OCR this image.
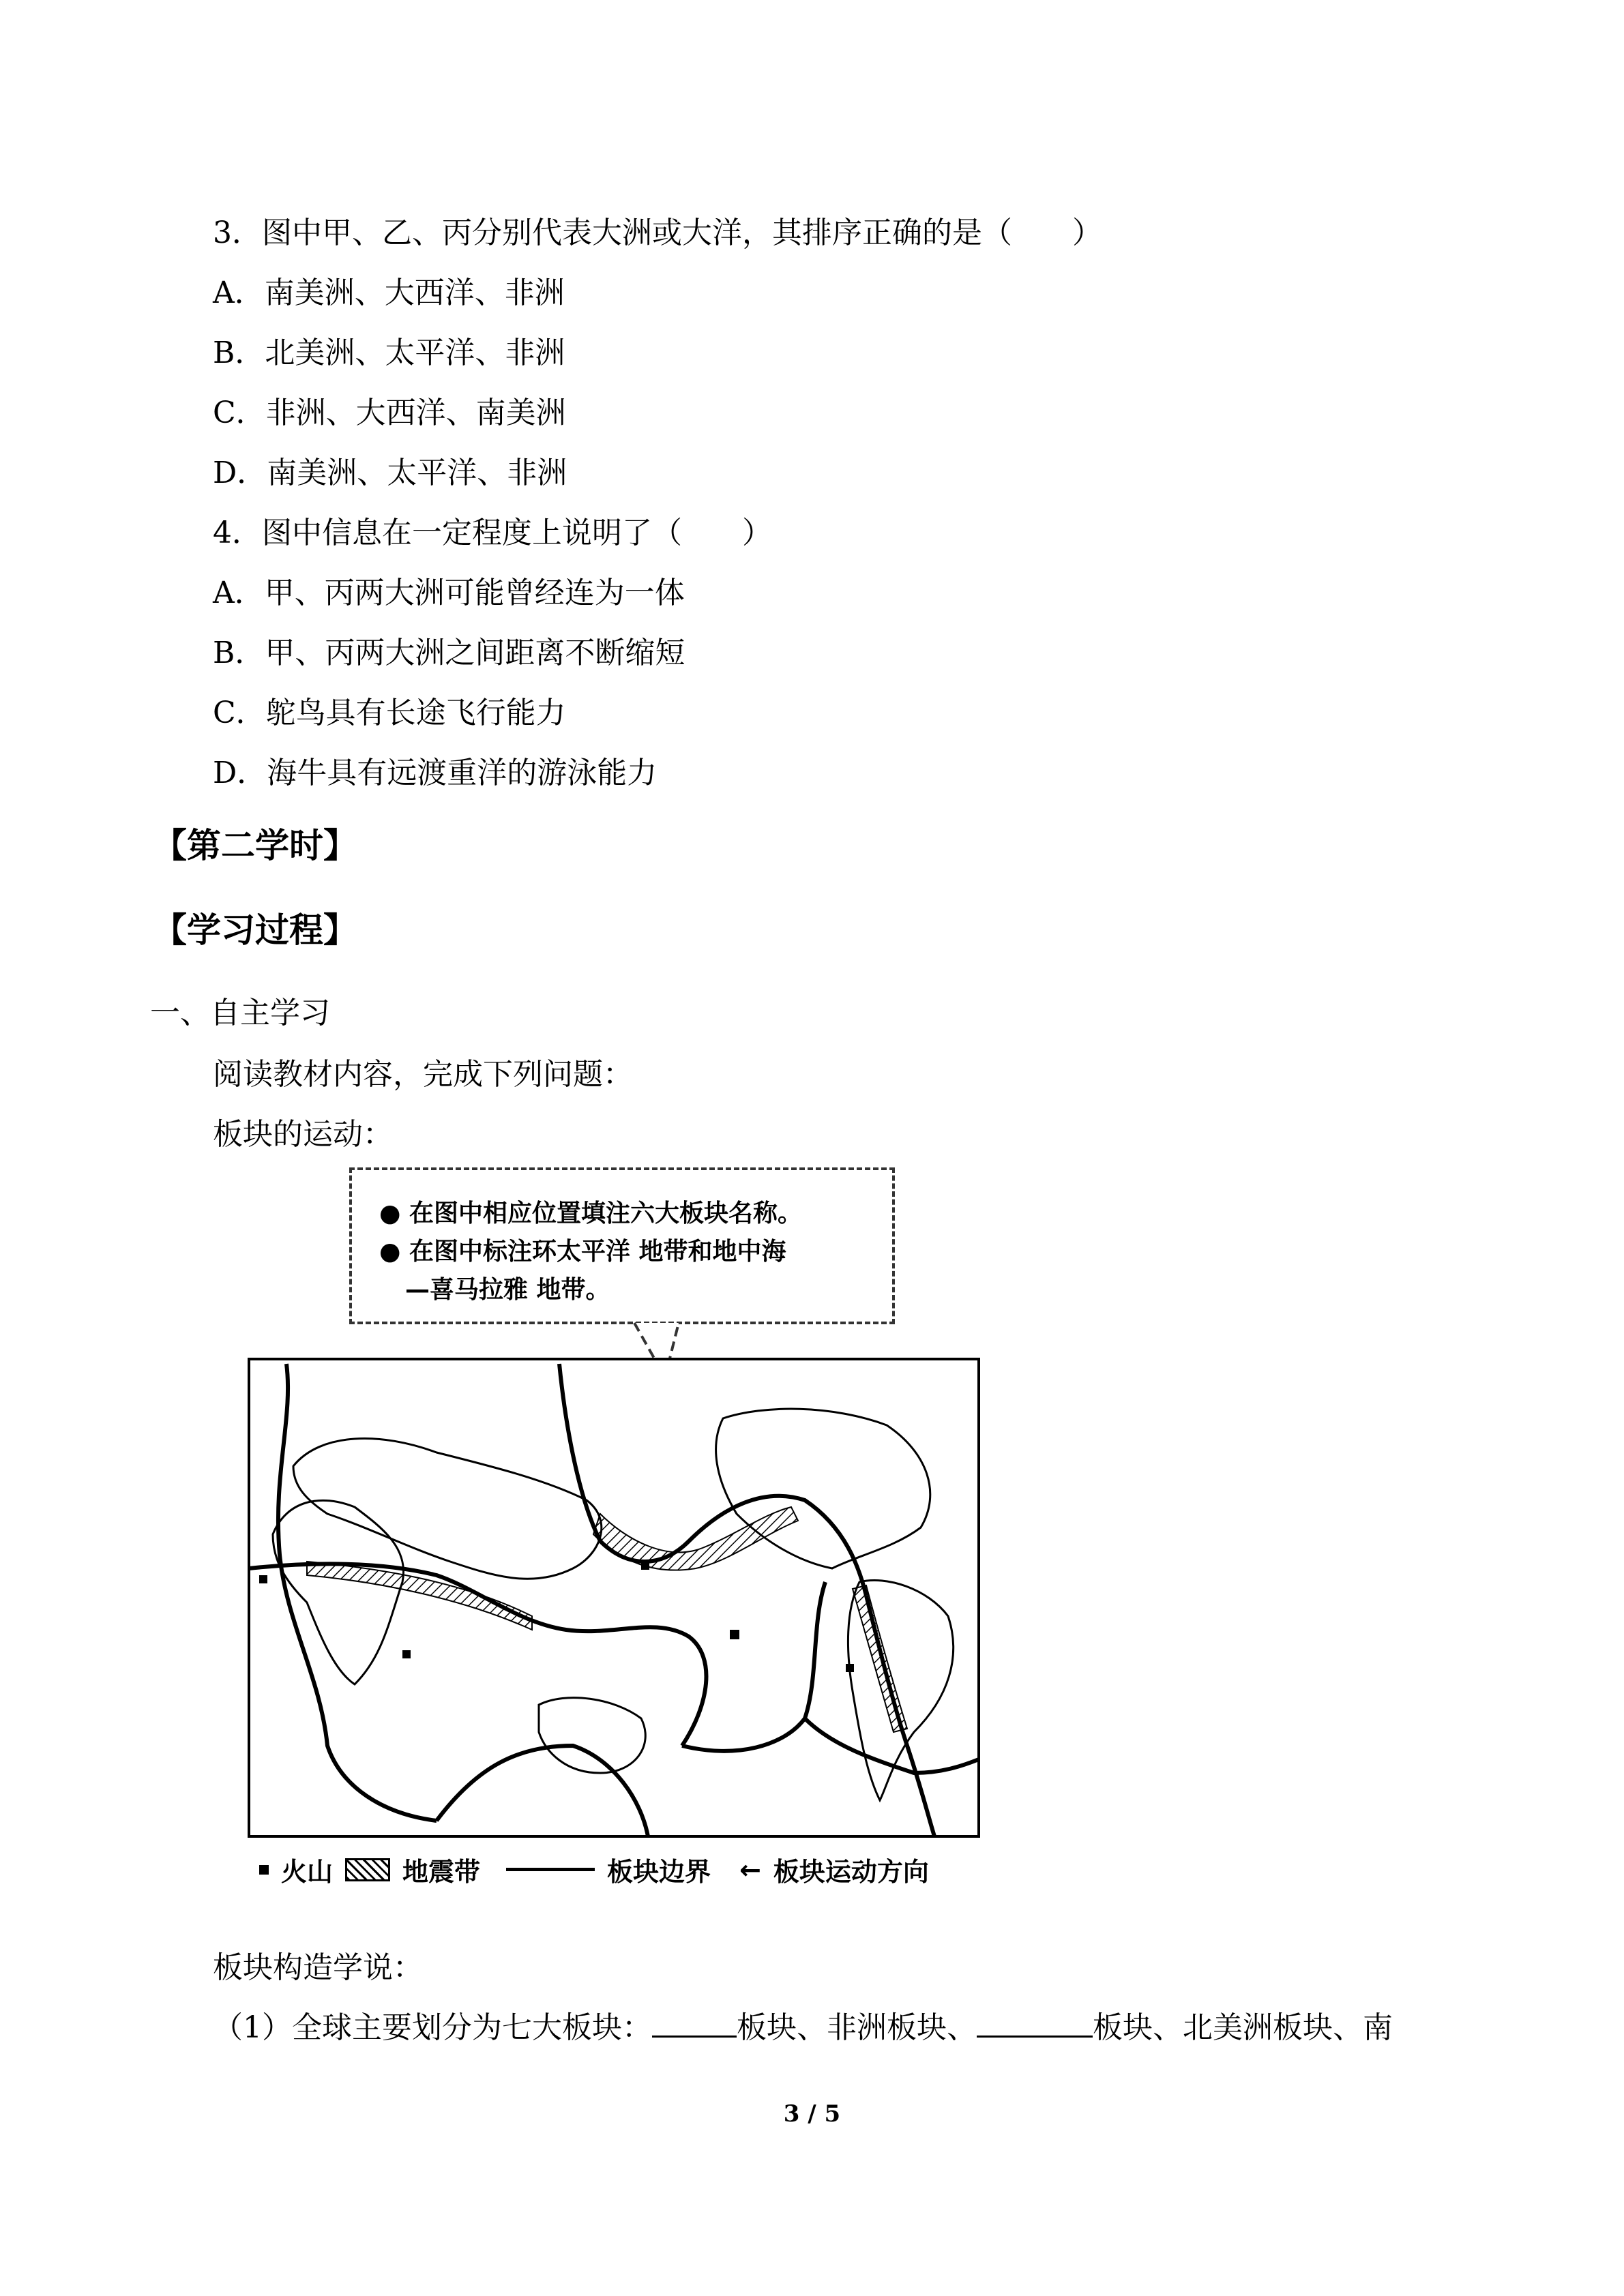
3．图中甲、乙、丙分别代表大洲或大洋，其排序正确的是（　　）
A．南美洲、大西洋、非洲
B．北美洲、太平洋、非洲
C．非洲、大西洋、南美洲
D．南美洲、太平洋、非洲
4．图中信息在一定程度上说明了（　　）
A．甲、丙两大洲可能曾经连为一体
B．甲、丙两大洲之间距离不断缩短
C．鸵鸟具有长途飞行能力
D．海牛具有远渡重洋的游泳能力
【第二学时】
【学习过程】
一、自主学习
阅读教材内容，完成下列问题：
板块的运动：
● 在图中相应位置填注六大板块名称。
● 在图中标注环太平洋 地带和地中海
—喜马拉雅 地带。
火山	地震带	板块边界 ← 板块运动方向
板块构造学说：
（1）全球主要划分为七大板块：	板块、非洲板块、	板块、北美洲板块、南
3 / 5
